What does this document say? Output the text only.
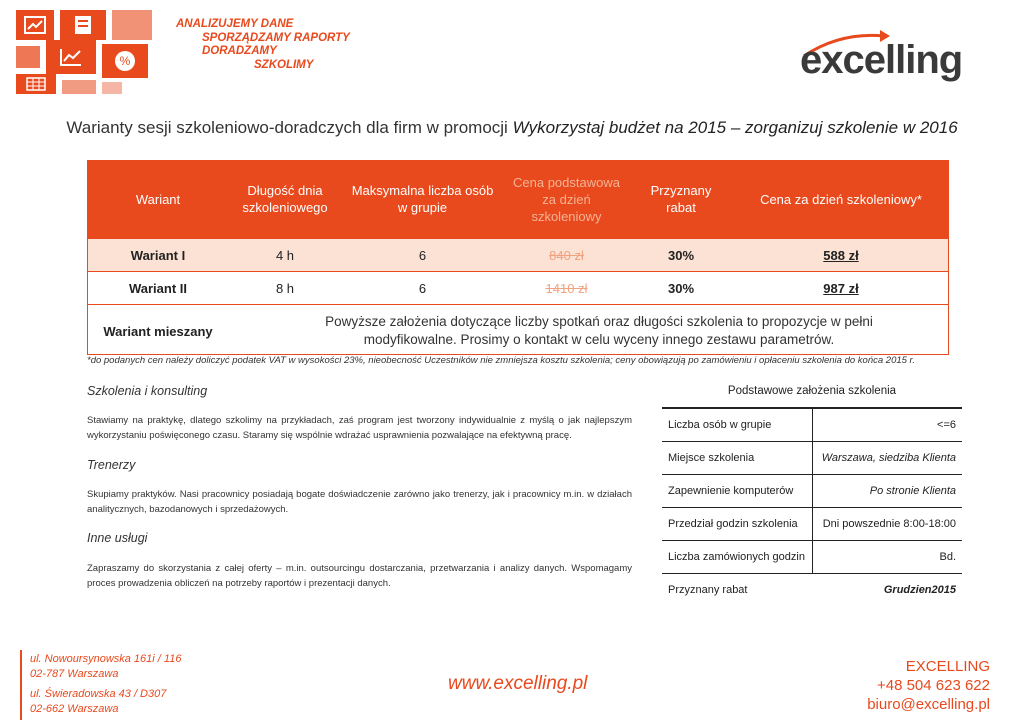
%
ANALIZUJEMY DANE
SPORZĄDZAMY RAPORTY
DORADZAMY
SZKOLIMY	excelling
Warianty sesji szkoleniowo-doradczych dla firm w promocji Wykorzystaj budżet na 2015 – zorganizuj szkolenie w 2016
Wariant	Długość dnia szkoleniowego	Maksymalna liczba osób w grupie	Cena podstawowa za dzień szkoleniowy	Przyznany rabat	Cena za dzień szkoleniowy*
Wariant I	4 h	6	840 zł	30%	588 zł
Wariant II	8 h	6	1410 zł	30%	987 zł
Wariant mieszany	Powyższe założenia dotyczące liczby spotkań oraz długości szkolenia to propozycje w pełni modyfikowalne. Prosimy o kontakt w celu wyceny innego zestawu parametrów.				
*do podanych cen należy doliczyć podatek VAT w wysokości 23%, nieobecność Uczestników nie zmniejsza kosztu szkolenia; ceny obowiązują po zamówieniu i opłaceniu szkolenia do końca 2015 r.
Szkolenia i konsulting
Stawiamy na praktykę, dlatego szkolimy na przykładach, zaś program jest tworzony indywidualnie z myślą o jak najlepszym wykorzystaniu poświęconego czasu. Staramy się wspólnie wdrażać usprawnienia pozwalające na efektywną pracę.
Trenerzy
Skupiamy praktyków. Nasi pracownicy posiadają bogate doświadczenie zarówno jako trenerzy, jak i pracownicy m.in. w działach analitycznych, bazodanowych i sprzedażowych.
Inne usługi
Zapraszamy do skorzystania z całej oferty – m.in. outsourcingu dostarczania, przetwarzania i analizy danych. Wspomagamy proces prowadzenia obliczeń na potrzeby raportów i prezentacji danych.
Podstawowe założenia szkolenia
Liczba osób w grupie	<=6
Miejsce szkolenia	Warszawa, siedziba Klienta
Zapewnienie komputerów	Po stronie Klienta
Przedział godzin szkolenia	Dni powszednie 8:00-18:00
Liczba zamówionych godzin	Bd.
Przyznany rabat	Grudzien2015
ul. Nowoursynowska 161i / 116
02-787 Warszawa
ul. Świeradowska 43 / D307
02-662 Warszawa
www.excelling.pl
EXCELLING
+48 504 623 622
biuro@excelling.pl
